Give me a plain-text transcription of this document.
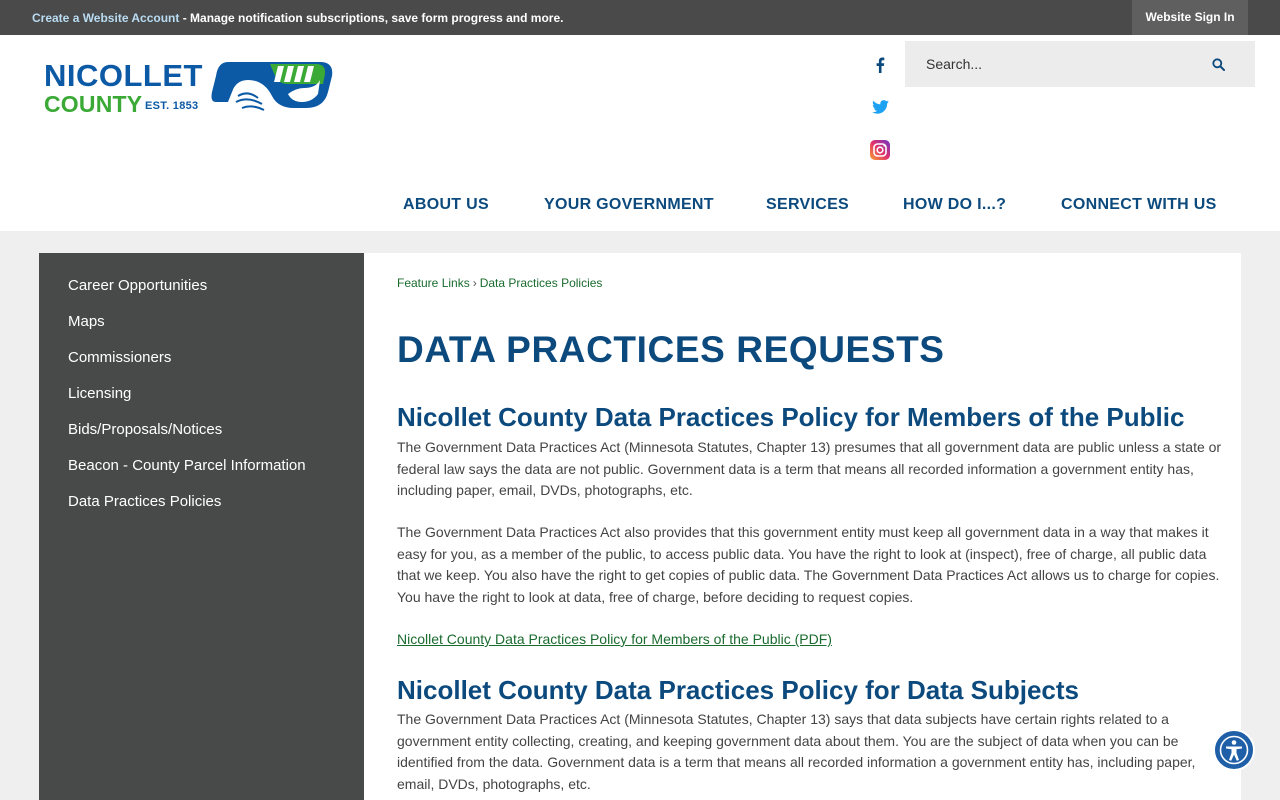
Create a Website Account - Manage notification subscriptions, save form progress and more.	Website Sign In
NICOLLET
COUNTY EST. 1853
Search...
ABOUT US	YOUR GOVERNMENT	SERVICES	HOW DO I...?	CONNECT WITH US
Career Opportunities
Maps
Commissioners
Licensing
Bids/Proposals/Notices
Beacon - County Parcel Information
Data Practices Policies
Feature Links › Data Practices Policies
DATA PRACTICES REQUESTS
Nicollet County Data Practices Policy for Members of the Public

The Government Data Practices Act (Minnesota Statutes, Chapter 13) presumes that all government data are public unless a state or federal law says the data are not public. Government data is a term that means all recorded information a government entity has, including paper, email, DVDs, photographs, etc.

The Government Data Practices Act also provides that this government entity must keep all government data in a way that makes it easy for you, as a member of the public, to access public data. You have the right to look at (inspect), free of charge, all public data that we keep. You also have the right to get copies of public data. The Government Data Practices Act allows us to charge for copies. You have the right to look at data, free of charge, before deciding to request copies.

Nicollet County Data Practices Policy for Members of the Public (PDF)
Nicollet County Data Practices Policy for Data Subjects

The Government Data Practices Act (Minnesota Statutes, Chapter 13) says that data subjects have certain rights related to a government entity collecting, creating, and keeping government data about them. You are the subject of data when you can be identified from the data. Government data is a term that means all recorded information a government entity has, including paper, email, DVDs, photographs, etc.
